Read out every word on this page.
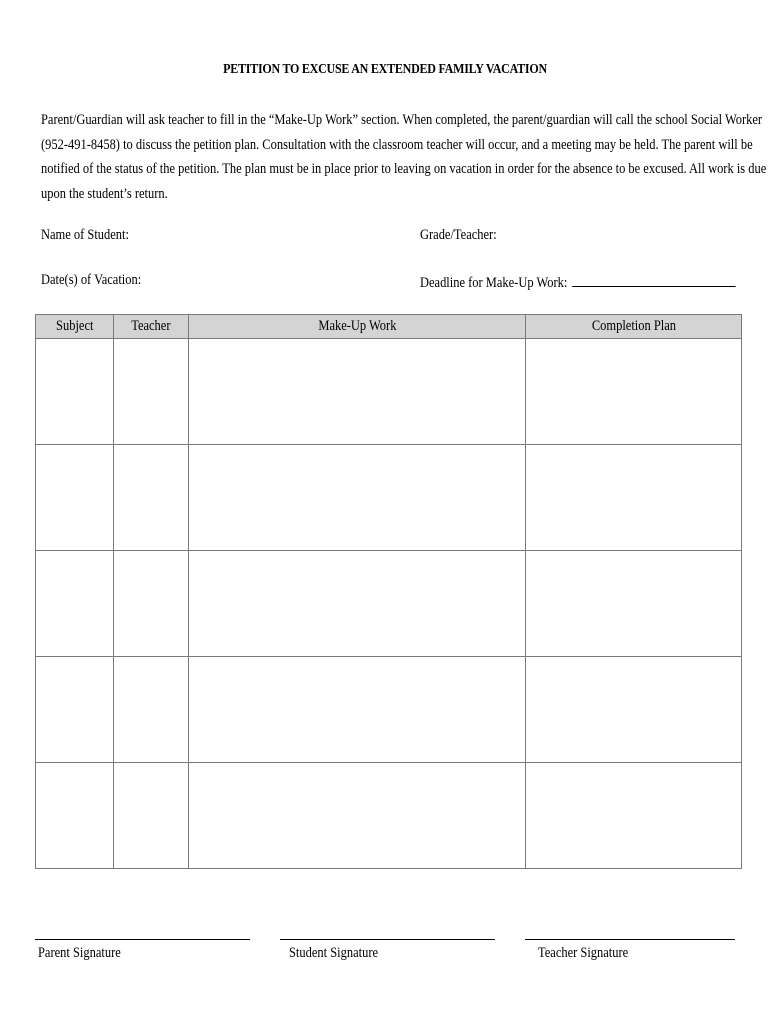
PETITION TO EXCUSE AN EXTENDED FAMILY VACATION

Parent/Guardian will ask teacher to fill in the “Make-Up Work” section. When completed, the parent/guardian will call the school Social Worker

(952-491-8458) to discuss the petition plan. Consultation with the classroom teacher will occur, and a meeting may be held. The parent will be

notified of the status of the petition. The plan must be in place prior to leaving on vacation in order for the absence to be excused. All work is due

upon the student’s return.

Name of Student:	Grade/Teacher:
Date(s) of Vacation:	Deadline for Make-Up Work:
Subject	Teacher	Make-Up Work	Completion Plan

Parent Signature	Student Signature	Teacher Signature
